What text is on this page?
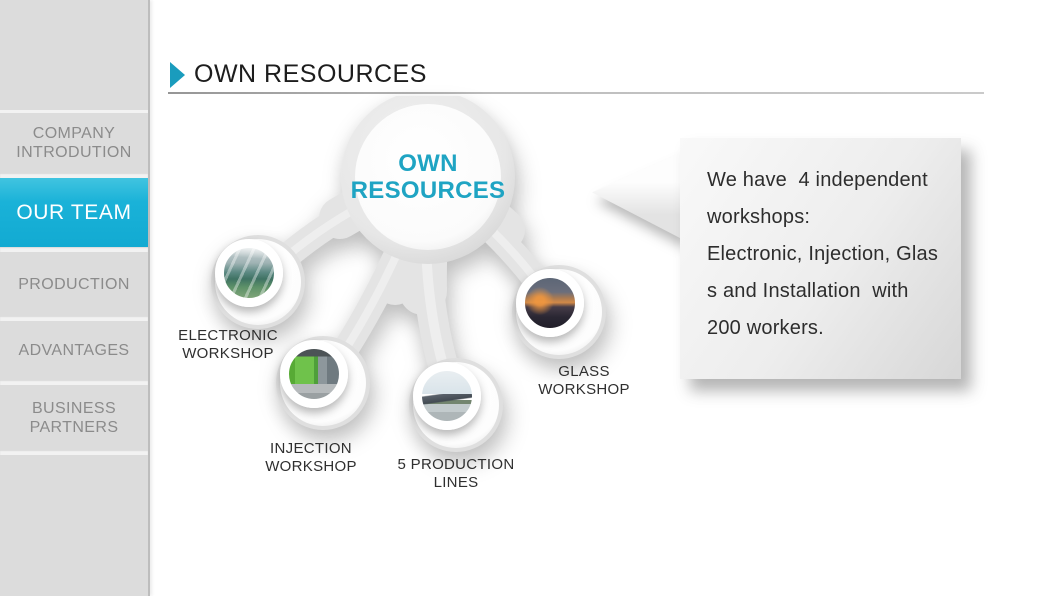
COMPANY INTRODUTION
OUR TEAM
PRODUCTION
ADVANTAGES
BUSINESS PARTNERS
OWN RESOURCES
OWN
RESOURCES
ELECTRONIC
WORKSHOP
INJECTION
WORKSHOP	5 PRODUCTION
LINES
GLASS
WORKSHOP
We have  4 independent
workshops:
Electronic, Injection, Glas
s and Installation  with
200 workers.
